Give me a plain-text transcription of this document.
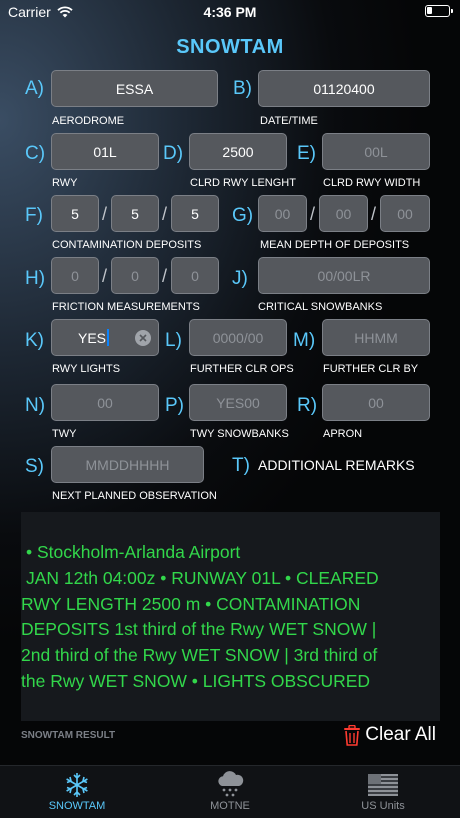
Carrier	4:36 PM
SNOWTAM
A)	ESSA
AERODROME
B)	01120400
DATE/TIME
C)	01L
RWY
D)	2500
CLRD RWY LENGHT
E)	00L
CLRD RWY WIDTH
F)	5	/	5	/	5
CONTAMINATION DEPOSITS
G)	00	/	00	/	00
MEAN DEPTH OF DEPOSITS
H)	0	/	0	/	0
FRICTION MEASUREMENTS
J)	00/00LR
CRITICAL SNOWBANKS
K) YES
RWY LIGHTS
L)	0000/00
FURTHER CLR OPS
M)	HHMM
FURTHER CLR BY
N)	00
TWY
P)	YES00
TWY SNOWBANKS
R)	00
APRON
S)	MMDDHHHH
NEXT PLANNED OBSERVATION
T) ADDITIONAL REMARKS

• Stockholm-Arlanda Airport

JAN 12th 04:00z • RUNWAY 01L • CLEARED

RWY LENGTH 2500 m • CONTAMINATION

DEPOSITS 1st third of the Rwy WET SNOW |

2nd third of the Rwy WET SNOW | 3rd third of

the Rwy WET SNOW • LIGHTS OBSCURED

SNOWTAM RESULT	Clear All
SNOWTAM	MOTNE	US Units
